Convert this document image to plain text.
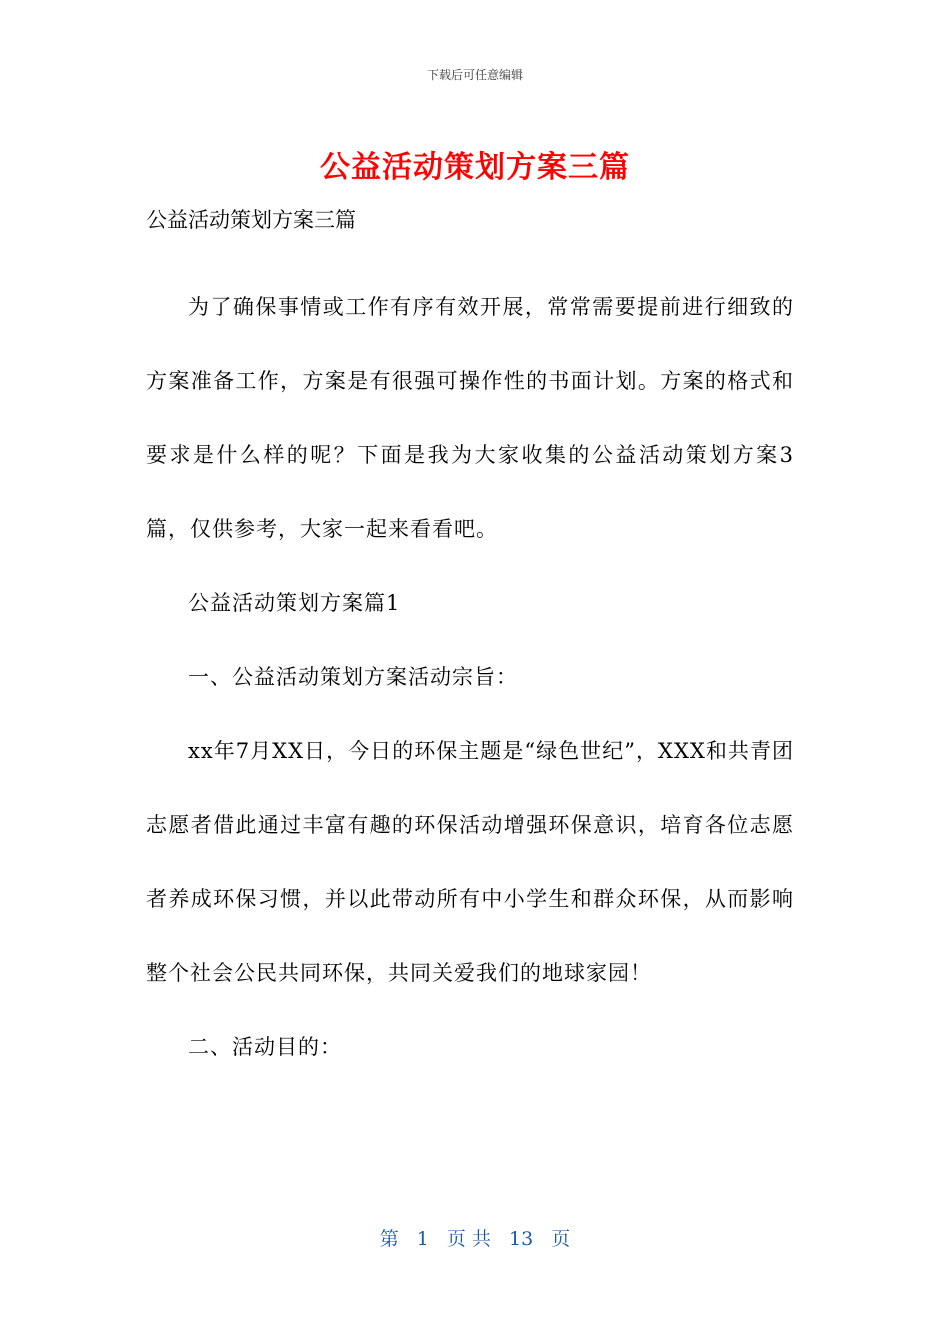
下载后可任意编辑
公益活动策划方案三篇

公益活动策划方案三篇

为了确保事情或工作有序有效开展，常常需要提前进行细致的方案准备工作，方案是有很强可操作性的书面计划。方案的格式和要求是什么样的呢？下面是我为大家收集的公益活动策划方案3篇，仅供参考，大家一起来看看吧。

公益活动策划方案篇1

一、公益活动策划方案活动宗旨：

xx年7月XX日，今日的环保主题是“绿色世纪”，XXX和共青团志愿者借此通过丰富有趣的环保活动增强环保意识，培育各位志愿者养成环保习惯，并以此带动所有中小学生和群众环保，从而影响整个社会公民共同环保，共同关爱我们的地球家园！

二、活动目的：

第 1 页 共 13 页
